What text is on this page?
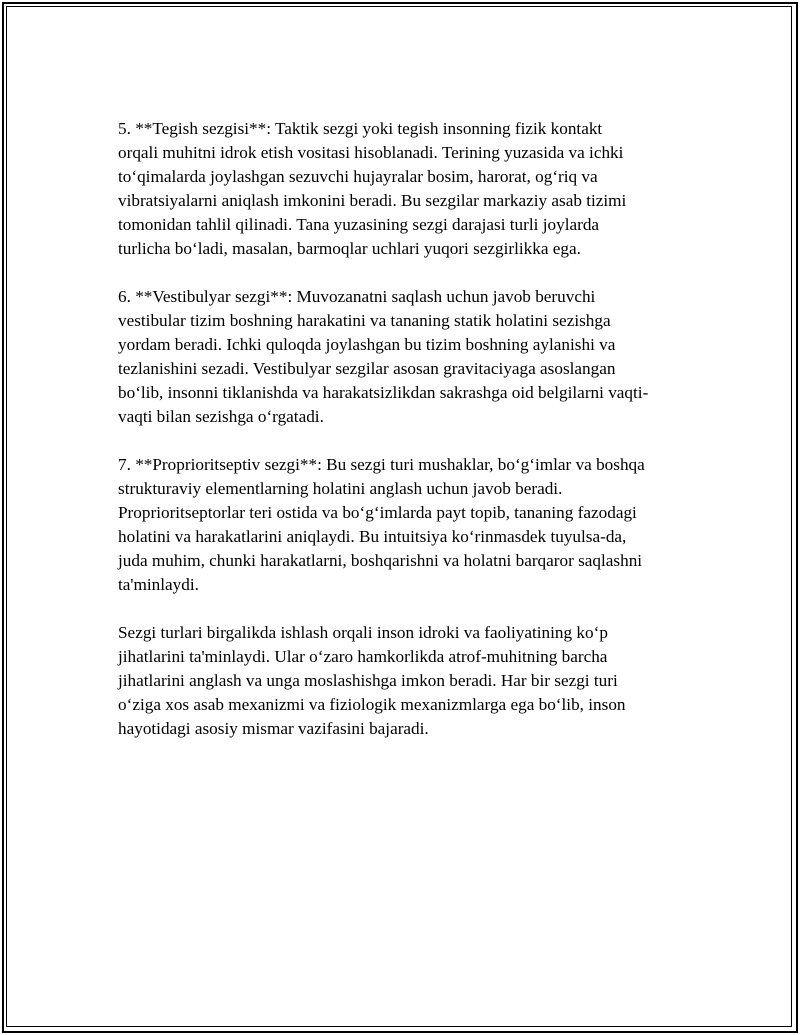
5. **Tegish sezgisi**: Taktik sezgi yoki tegish insonning fizik kontakt
orqali muhitni idrok etish vositasi hisoblanadi. Terining yuzasida va ichki
to‘qimalarda joylashgan sezuvchi hujayralar bosim, harorat, og‘riq va
vibratsiyalarni aniqlash imkonini beradi. Bu sezgilar markaziy asab tizimi
tomonidan tahlil qilinadi. Tana yuzasining sezgi darajasi turli joylarda
turlicha bo‘ladi, masalan, barmoqlar uchlari yuqori sezgirlikka ega.

6. **Vestibulyar sezgi**: Muvozanatni saqlash uchun javob beruvchi
vestibular tizim boshning harakatini va tananing statik holatini sezishga
yordam beradi. Ichki quloqda joylashgan bu tizim boshning aylanishi va
tezlanishini sezadi. Vestibulyar sezgilar asosan gravitaciyaga asoslangan
bo‘lib, insonni tiklanishda va harakatsizlikdan sakrashga oid belgilarni vaqti-
vaqti bilan sezishga o‘rgatadi.

7. **Proprioritseptiv sezgi**: Bu sezgi turi mushaklar, bo‘g‘imlar va boshqa
strukturaviy elementlarning holatini anglash uchun javob beradi.
Proprioritseptorlar teri ostida va bo‘g‘imlarda payt topib, tananing fazodagi
holatini va harakatlarini aniqlaydi. Bu intuitsiya ko‘rinmasdek tuyulsa-da,
juda muhim, chunki harakatlarni, boshqarishni va holatni barqaror saqlashni
ta'minlaydi.

Sezgi turlari birgalikda ishlash orqali inson idroki va faoliyatining ko‘p
jihatlarini ta'minlaydi. Ular o‘zaro hamkorlikda atrof-muhitning barcha
jihatlarini anglash va unga moslashishga imkon beradi. Har bir sezgi turi
o‘ziga xos asab mexanizmi va fiziologik mexanizmlarga ega bo‘lib, inson
hayotidagi asosiy mismar vazifasini bajaradi.
